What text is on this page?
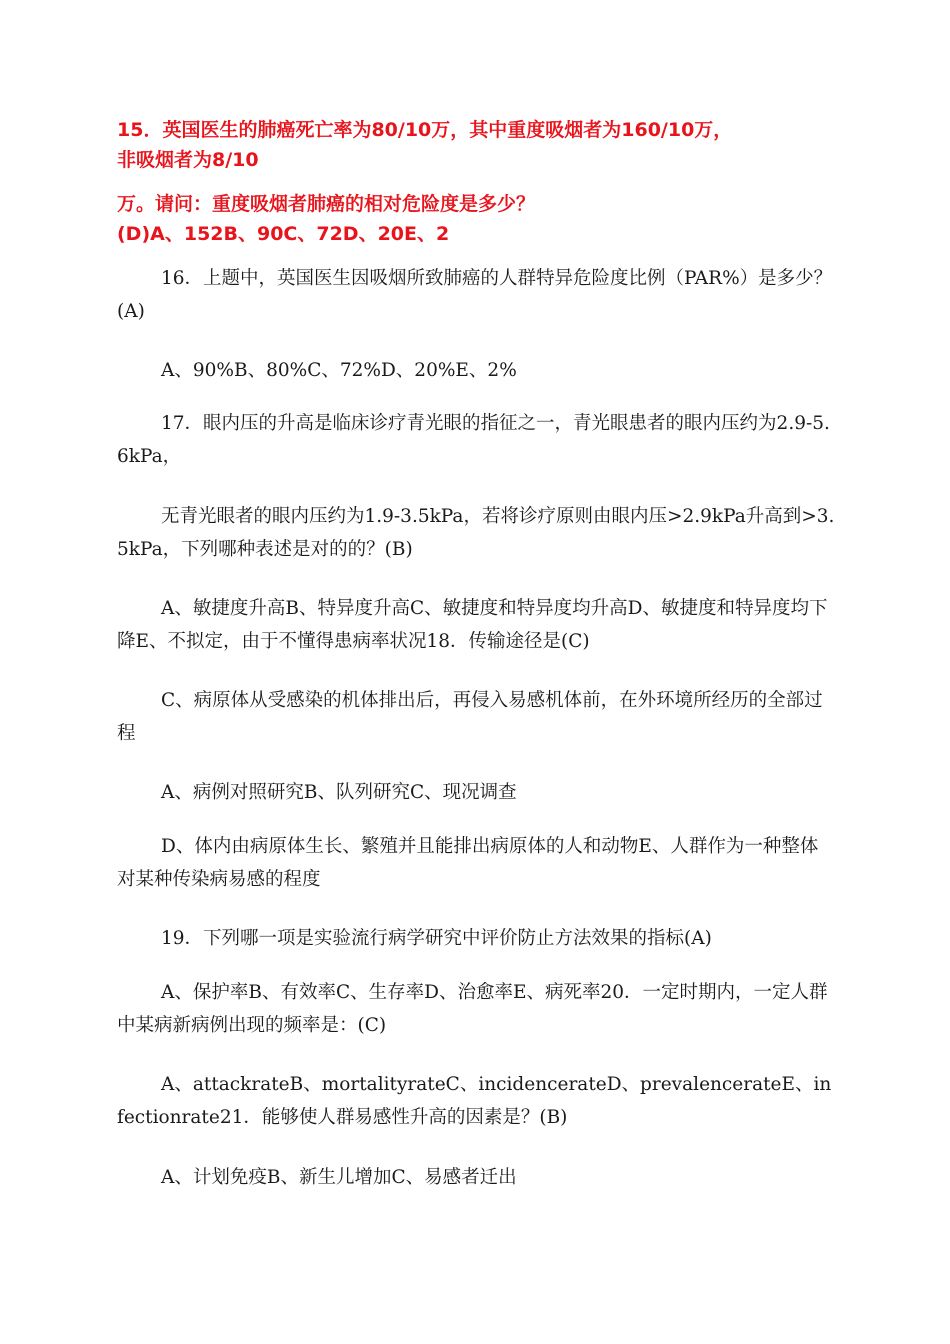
15．英国医生的肺癌死亡率为80/10万，其中重度吸烟者为160/10万，
非吸烟者为8/10
万。请问：重度吸烟者肺癌的相对危险度是多少？
(D)A、152B、90C、72D、20E、2
16．上题中，英国医生因吸烟所致肺癌的人群特异危险度比例（PAR%）是多少？(A)
A、90%B、80%C、72%D、20%E、2%
17．眼内压的升高是临床诊疗青光眼的指征之一，青光眼患者的眼内压约为2.9-5.6kPa，
无青光眼者的眼内压约为1.9-3.5kPa，若将诊疗原则由眼内压>2.9kPa升高到>3.5kPa，下列哪种表述是对的的？(B)
A、敏捷度升高B、特异度升高C、敏捷度和特异度均升高D、敏捷度和特异度均下降E、不拟定，由于不懂得患病率状况18．传输途径是(C)
C、病原体从受感染的机体排出后，再侵入易感机体前，在外环境所经历的全部过程
A、病例对照研究B、队列研究C、现况调查
D、体内由病原体生长、繁殖并且能排出病原体的人和动物E、人群作为一种整体对某种传染病易感的程度
19．下列哪一项是实验流行病学研究中评价防止方法效果的指标(A)
A、保护率B、有效率C、生存率D、治愈率E、病死率20．一定时期内，一定人群中某病新病例出现的频率是：(C)
A、attackrateB、mortalityrateC、incidencerateD、prevalencerateE、infectionrate21．能够使人群易感性升高的因素是？(B)
A、计划免疫B、新生儿增加C、易感者迁出
